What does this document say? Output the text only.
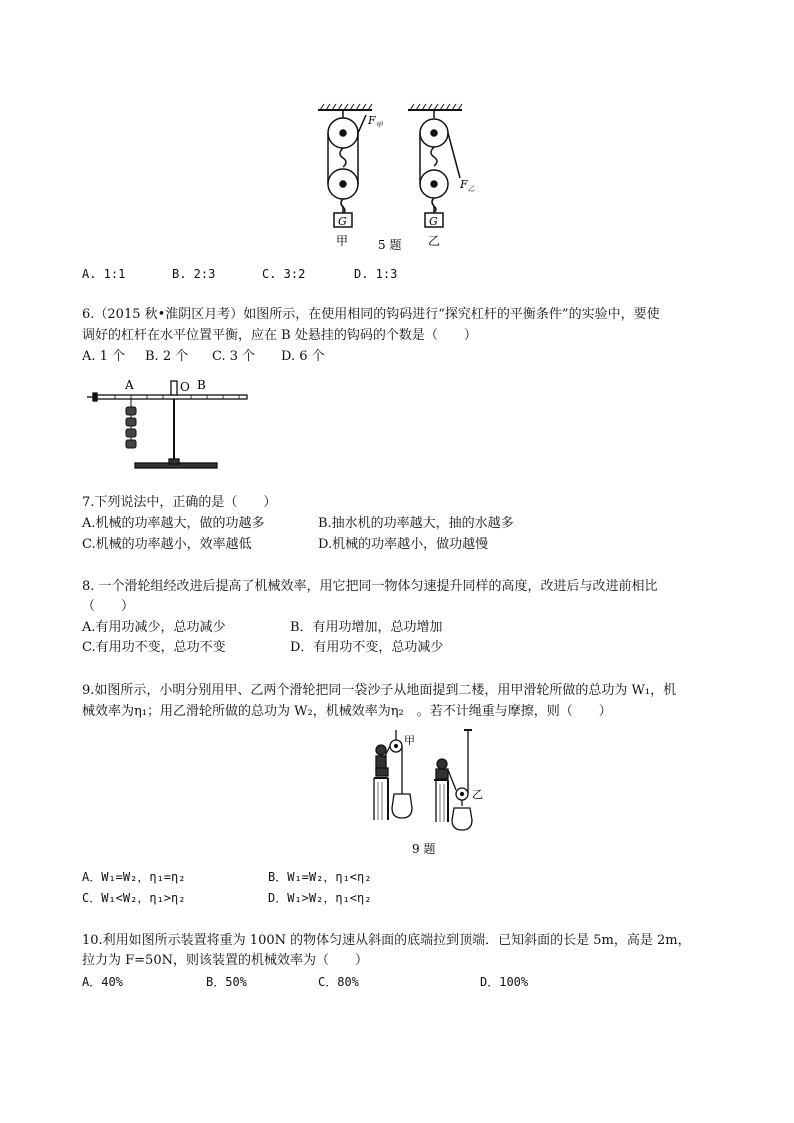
G
$F_甲$
甲
G
$F_乙$
乙
5 题
A. 1:1	B. 2:3	C. 3:2	D. 1:3
6.（2015 秋•淮阴区月考）如图所示，在使用相同的钩码进行“探究杠杆的平衡条件”的实验中，要使
调好的杠杆在水平位置平衡，应在 B 处悬挂的钩码的个数是（　　）
A. 1 个 B. 2 个 C. 3 个 D. 6 个
A	O B
7.下列说法中，正确的是（　　）
A.机械的功率越大，做的功越多	B.抽水机的功率越大，抽的水越多
C.机械的功率越小，效率越低	D.机械的功率越小，做功越慢
8. 一个滑轮组经改进后提高了机械效率，用它把同一物体匀速提升同样的高度，改进后与改进前相比
（　　）
A.有用功减少，总功减少	B．有用功增加，总功增加
C.有用功不变，总功不变	D．有用功不变，总功减少
9.如图所示，小明分别用甲、乙两个滑轮把同一袋沙子从地面提到二楼，用甲滑轮所做的总功为 W₁，机
械效率为η₁；用乙滑轮所做的总功为 W₂，机械效率为η₂　。若不计绳重与摩擦，则（　　）
甲
乙
9 题
A．W₁=W₂，η₁=η₂	B．W₁=W₂，η₁<η₂
C．W₁<W₂，η₁>η₂	D．W₁>W₂，η₁<η₂
10.利用如图所示装置将重为 100N 的物体匀速从斜面的底端拉到顶端．已知斜面的长是 5m，高是 2m，
拉力为 F=50N，则该装置的机械效率为（　　）
A．40%	B．50%	C．80%	D．100%
